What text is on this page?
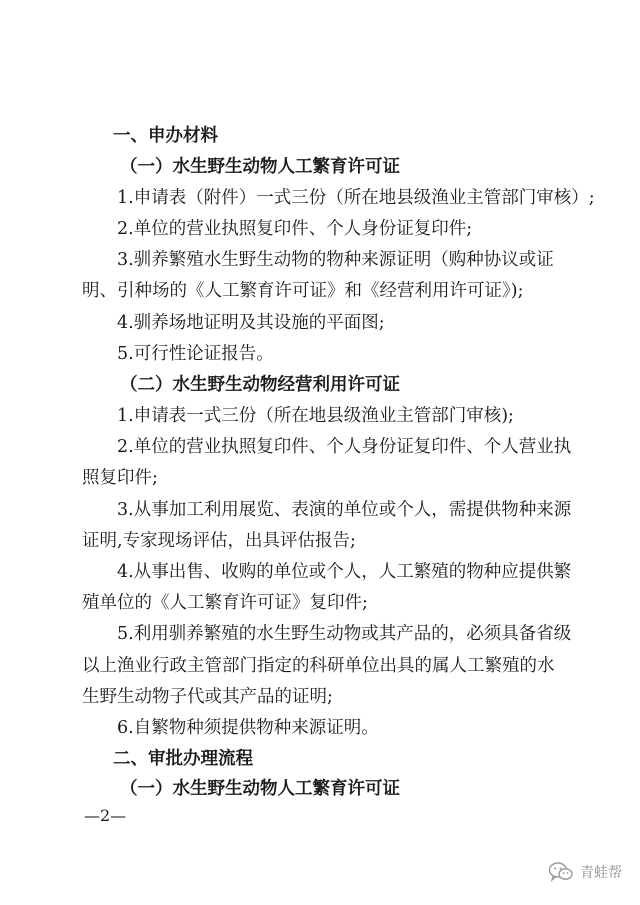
一、申办材料
（一）水生野生动物人工繁育许可证
1.申请表（附件）一式三份（所在地县级渔业主管部门审核）;
2.单位的营业执照复印件、个人身份证复印件;
3.驯养繁殖水生野生动物的物种来源证明（购种协议或证
明、引种场的《人工繁育许可证》和《经营利用许可证》);
4.驯养场地证明及其设施的平面图;
5.可行性论证报告。
（二）水生野生动物经营利用许可证
1.申请表一式三份（所在地县级渔业主管部门审核);
2.单位的营业执照复印件、个人身份证复印件、个人营业执
照复印件;
3.从事加工利用展览、表演的单位或个人，需提供物种来源
证明,专家现场评估，出具评估报告;
4.从事出售、收购的单位或个人，人工繁殖的物种应提供繁
殖单位的《人工繁育许可证》复印件;
5.利用驯养繁殖的水生野生动物或其产品的，必须具备省级
以上渔业行政主管部门指定的科研单位出具的属人工繁殖的水
生野生动物子代或其产品的证明;
6.自繁物种须提供物种来源证明。
二、审批办理流程
（一）水生野生动物人工繁育许可证
—2—
青蛙帮
